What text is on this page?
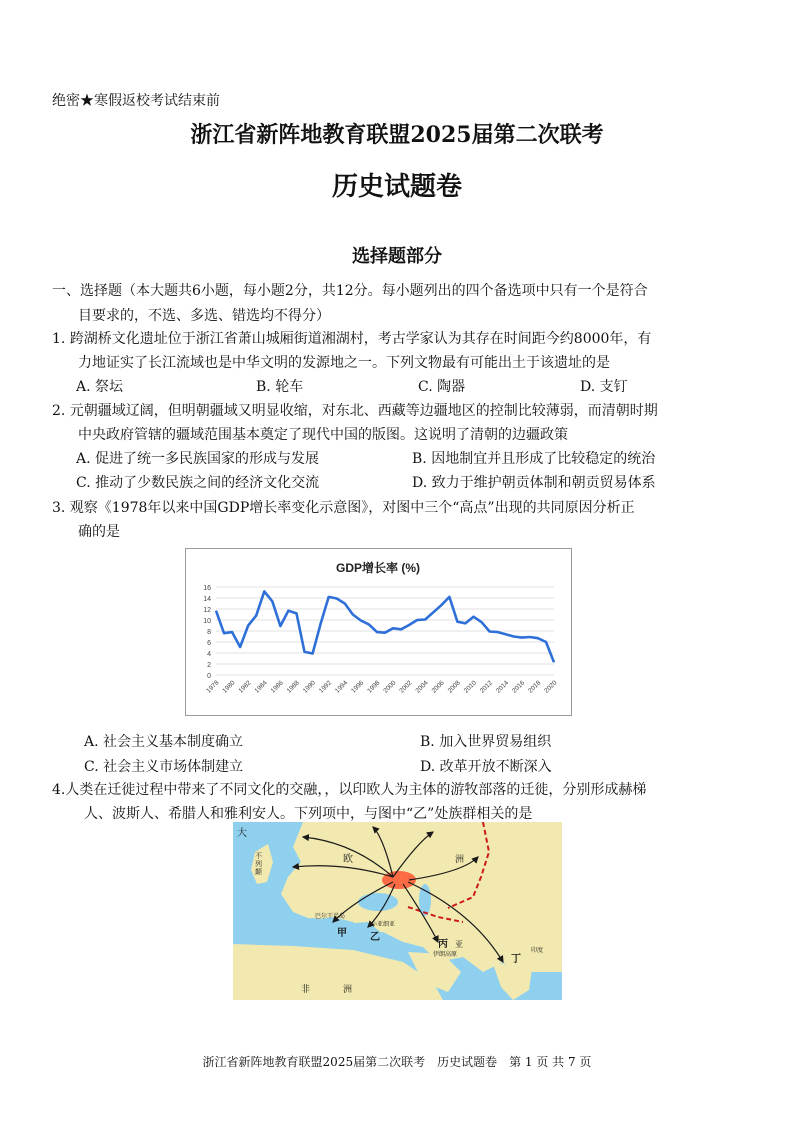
绝密★寒假返校考试结束前
浙江省新阵地教育联盟2025届第二次联考
历史试题卷
选择题部分
一、选择题（本大题共6小题，每小题2分，共12分。每小题列出的四个备选项中只有一个是符合
目要求的，不选、多选、错选均不得分）
1. 跨湖桥文化遗址位于浙江省萧山城厢街道湘湖村，考古学家认为其存在时间距今约8000年，有
力地证实了长江流域也是中华文明的发源地之一。下列文物最有可能出土于该遗址的是
A. 祭坛	B. 轮车	C. 陶器	D. 支钉
2. 元朝疆域辽阔，但明朝疆域又明显收缩，对东北、西藏等边疆地区的控制比较薄弱，而清朝时期
中央政府管辖的疆域范围基本奠定了现代中国的版图。这说明了清朝的边疆政策
A. 促进了统一多民族国家的形成与发展	B. 因地制宜并且形成了比较稳定的统治
C. 推动了少数民族之间的经济文化交流	D. 致力于维护朝贡体制和朝贡贸易体系
3. 观察《1978年以来中国GDP增长率变化示意图》，对图中三个“高点”出现的共同原因分析正
确的是
GDP增长率 (%)
0
2
4
6
8
10
12
14
16
1978 1980 1982 1984 1986 1988 1990 1992 1994 1996 1998 2000 2002 2004 2006 2008 2010 2012 2014 2016 2018 2020
A. 社会主义基本制度确立	B. 加入世界贸易组织
C. 社会主义市场体制建立	D. 改革开放不断深入
4.人类在迁徙过程中带来了不同文化的交融，，以印欧人为主体的游牧部落的迁徙，分别形成赫梯
人、波斯人、希腊人和雅利安人。下列项中，与图中“乙”处族群相关的是
大
不列颠
欧	洲
巴尔干半岛
甲 乙
小亚细亚
丙
伊朗高原
亚
丁
印度
非	洲
浙江省新阵地教育联盟2025届第二次联考　历史试题卷　第 1 页 共 7 页
